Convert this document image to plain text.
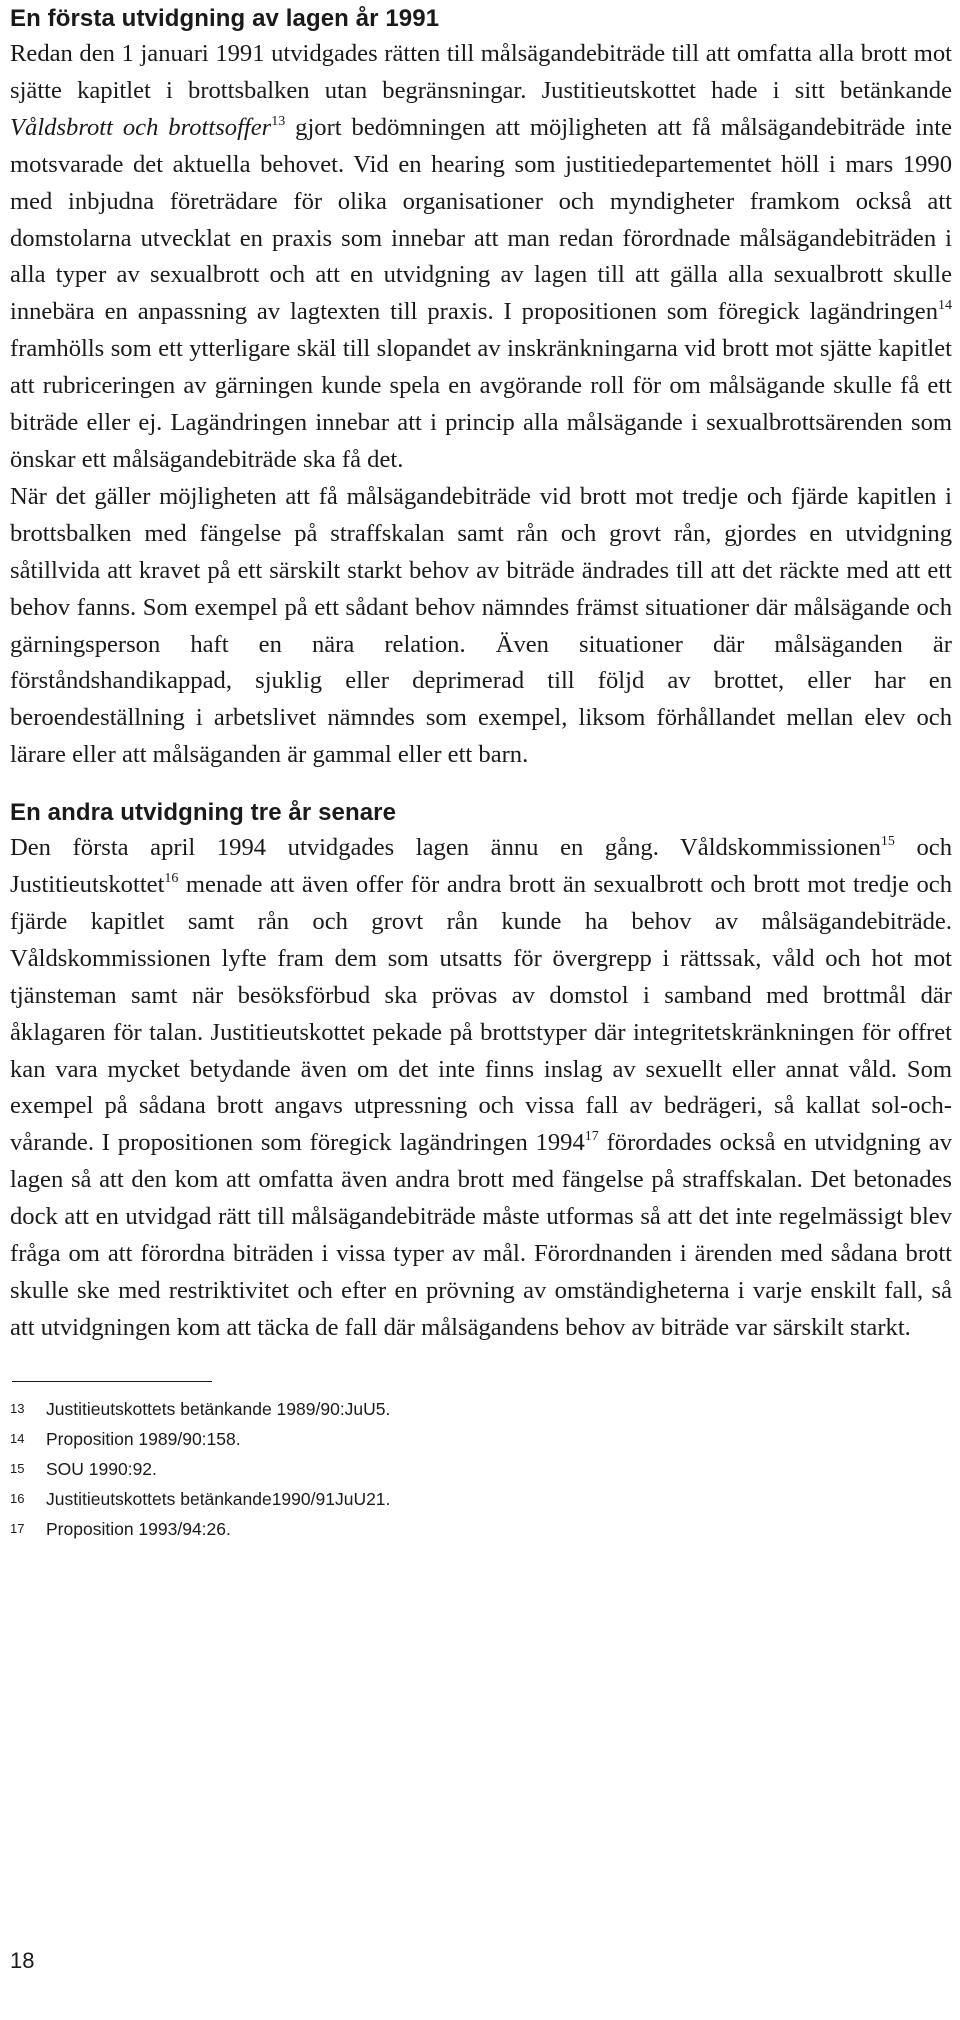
En första utvidgning av lagen år 1991

Redan den 1 januari 1991 utvidgades rätten till målsägandebiträde till att omfatta alla brott mot sjätte kapitlet i brottsbalken utan begränsningar. Justitieutskottet hade i sitt betänkande Våldsbrott och brottsoffer$^{13}$ gjort bedömningen att möjligheten att få målsägandebiträde inte motsvarade det aktuella behovet. Vid en hearing som justitiedepartementet höll i mars 1990 med inbjudna företrädare för olika organisationer och myndigheter framkom också att domstolarna utvecklat en praxis som innebar att man redan förordnade målsägandebiträden i alla typer av sexualbrott och att en utvidgning av lagen till att gälla alla sexualbrott skulle innebära en anpassning av lagtexten till praxis. I propositionen som föregick lagändringen$^{14}$ framhölls som ett ytterligare skäl till slopandet av inskränkningarna vid brott mot sjätte kapitlet att rubriceringen av gärningen kunde spela en avgörande roll för om målsägande skulle få ett biträde eller ej. Lagändringen innebar att i princip alla målsägande i sexualbrottsärenden som önskar ett målsägandebiträde ska få det.

När det gäller möjligheten att få målsägandebiträde vid brott mot tredje och fjärde kapitlen i brottsbalken med fängelse på straffskalan samt rån och grovt rån, gjordes en utvidgning såtillvida att kravet på ett särskilt starkt behov av biträde ändrades till att det räckte med att ett behov fanns. Som exempel på ett sådant behov nämndes främst situationer där målsägande och gärningsperson haft en nära relation. Även situationer där målsäganden är förståndshandikappad, sjuklig eller deprimerad till följd av brottet, eller har en beroendeställning i arbetslivet nämndes som exempel, liksom förhållandet mellan elev och lärare eller att målsäganden är gammal eller ett barn.

En andra utvidgning tre år senare

Den första april 1994 utvidgades lagen ännu en gång. Våldskommissionen$^{15}$ och Justitieutskottet$^{16}$ menade att även offer för andra brott än sexualbrott och brott mot tredje och fjärde kapitlet samt rån och grovt rån kunde ha behov av målsägandebiträde. Våldskommissionen lyfte fram dem som utsatts för övergrepp i rättssak, våld och hot mot tjänsteman samt när besöksförbud ska prövas av domstol i samband med brottmål där åklagaren för talan. Justitieutskottet pekade på brottstyper där integritetskränkningen för offret kan vara mycket betydande även om det inte finns inslag av sexuellt eller annat våld. Som exempel på sådana brott angavs utpressning och vissa fall av bedrägeri, så kallat sol-och-vårande. I propositionen som föregick lagändringen 1994$^{17}$ förordades också en utvidgning av lagen så att den kom att omfatta även andra brott med fängelse på straffskalan. Det betonades dock att en utvidgad rätt till målsägandebiträde måste utformas så att det inte regelmässigt blev fråga om att förordna biträden i vissa typer av mål. Förordnanden i ärenden med sådana brott skulle ske med restriktivitet och efter en prövning av omständigheterna i varje enskilt fall, så att utvidgningen kom att täcka de fall där målsägandens behov av biträde var särskilt starkt.

13	Justitieutskottets betänkande 1989/90:JuU5.
14	Proposition 1989/90:158.
15	SOU 1990:92.
16	Justitieutskottets betänkande1990/91JuU21.
17	Proposition 1993/94:26.
18
